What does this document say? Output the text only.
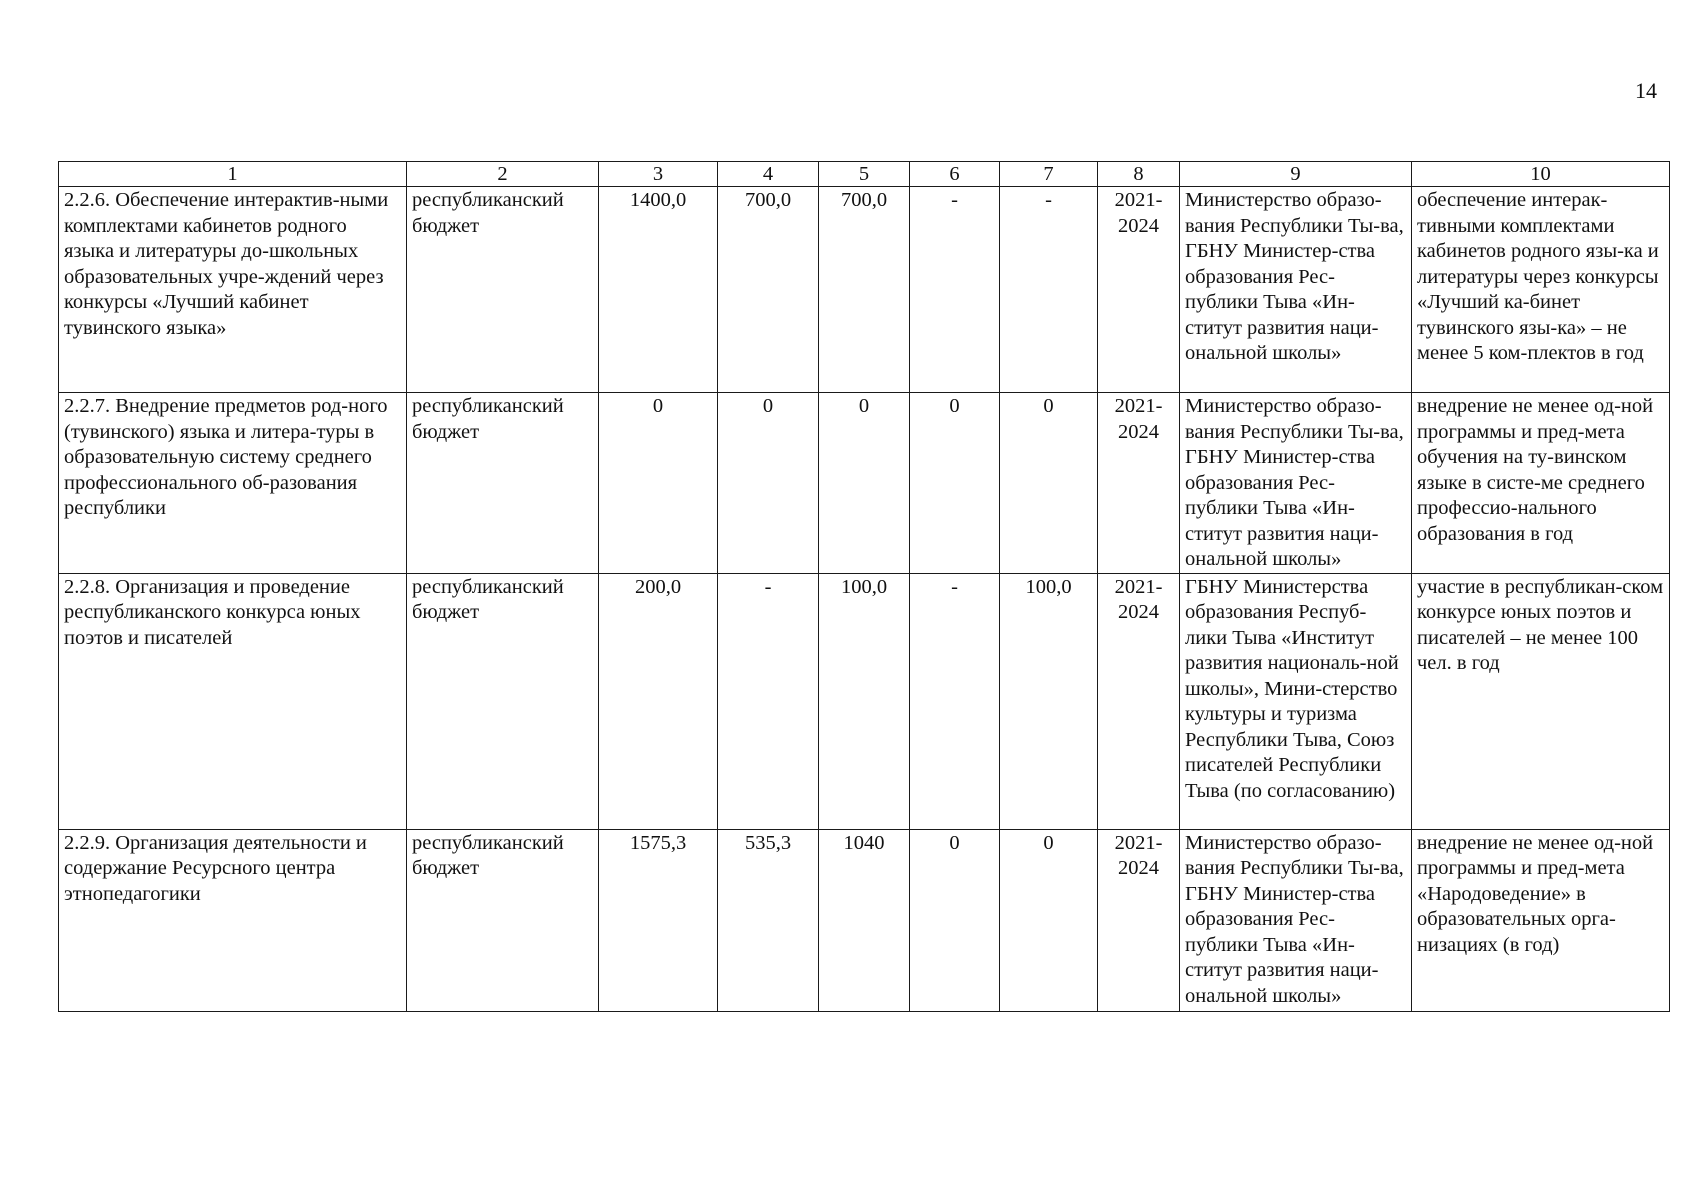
14
1	2	3	4	5	6	7	8	9	10
2.2.6. Обеспечение интерактив-ными комплектами кабинетов родного языка и литературы до-школьных образовательных учре-ждений через конкурсы «Лучший кабинет тувинского языка»	республиканский бюджет	1400,0	700,0	700,0	-	-	2021-2024	Министерство образо-вания Республики Ты-ва, ГБНУ Министер-ства образования Рес-публики Тыва «Ин-ститут развития наци-ональной школы»	обеспечение интерак-тивными комплектами кабинетов родного язы-ка и литературы через конкурсы «Лучший ка-бинет тувинского язы-ка» – не менее 5 ком-плектов в год
2.2.7. Внедрение предметов род-ного (тувинского) языка и литера-туры в образовательную систему среднего профессионального об-разования республики	республиканский бюджет	0	0	0	0	0	2021-2024	Министерство образо-вания Республики Ты-ва, ГБНУ Министер-ства образования Рес-публики Тыва «Ин-ститут развития наци-ональной школы»	внедрение не менее од-ной программы и пред-мета обучения на ту-винском языке в систе-ме среднего профессио-нального образования в год
2.2.8. Организация и проведение республиканского конкурса юных поэтов и писателей	республиканский бюджет	200,0	-	100,0	-	100,0	2021-2024	ГБНУ Министерства образования Респуб-лики Тыва «Институт развития националь-ной школы», Мини-стерство культуры и туризма Республики Тыва, Союз писателей Республики Тыва (по согласованию)	участие в республикан-ском конкурсе юных поэтов и писателей – не менее 100 чел. в год
2.2.9. Организация деятельности и содержание Ресурсного центра этнопедагогики	республиканский бюджет	1575,3	535,3	1040	0	0	2021-2024	Министерство образо-вания Республики Ты-ва, ГБНУ Министер-ства образования Рес-публики Тыва «Ин-ститут развития наци-ональной школы»	внедрение не менее од-ной программы и пред-мета «Народоведение» в образовательных орга-низациях (в год)
